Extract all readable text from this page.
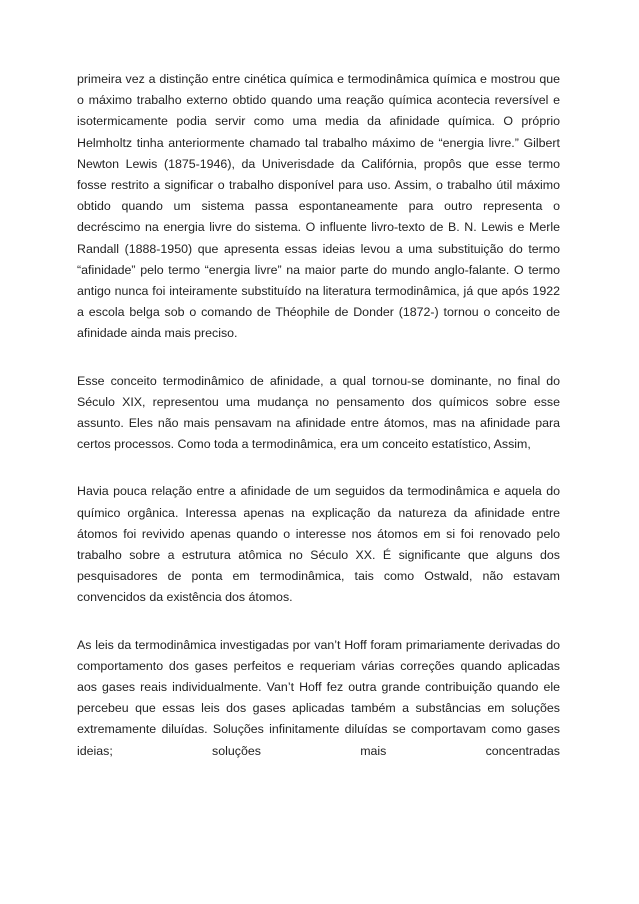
primeira vez a distinção entre cinética química e termodinâmica química e mostrou que o máximo trabalho externo obtido quando uma reação química acontecia reversível e isotermicamente podia servir como uma media da afinidade química. O próprio Helmholtz tinha anteriormente chamado tal trabalho máximo de “energia livre.” Gilbert Newton Lewis (1875-1946), da Univerisdade da Califórnia, propôs que esse termo fosse restrito a significar o trabalho disponível para uso. Assim, o trabalho útil máximo obtido quando um sistema passa espontaneamente para outro representa o decréscimo na energia livre do sistema. O influente livro-texto de B. N. Lewis e Merle Randall (1888-1950) que apresenta essas ideias levou a uma substituição do termo “afinidade” pelo termo “energia livre” na maior parte do mundo anglo-falante. O termo antigo nunca foi inteiramente substituído na literatura termodinâmica, já que após 1922 a escola belga sob o comando de Théophile de Donder (1872-) tornou o conceito de afinidade ainda mais preciso.

Esse conceito termodinâmico de afinidade, a qual tornou-se dominante, no final do Século XIX, representou uma mudança no pensamento dos químicos sobre esse assunto. Eles não mais pensavam na afinidade entre átomos, mas na afinidade para certos processos. Como toda a termodinâmica, era um conceito estatístico, Assim,

Havia pouca relação entre a afinidade de um seguidos da termodinâmica e aquela do químico orgânica. Interessa apenas na explicação da natureza da afinidade entre átomos foi revivido apenas quando o interesse nos átomos em si foi renovado pelo trabalho sobre a estrutura atômica no Século XX. É significante que alguns dos pesquisadores de ponta em termodinâmica, tais como Ostwald, não estavam convencidos da existência dos átomos.

As leis da termodinâmica investigadas por van’t Hoff foram primariamente derivadas do comportamento dos gases perfeitos e requeriam várias correções quando aplicadas aos gases reais individualmente. Van’t Hoff fez outra grande contribuição quando ele percebeu que essas leis dos gases aplicadas também a substâncias em soluções extremamente diluídas. Soluções infinitamente diluídas se comportavam como gases ideias; soluções mais concentradas
